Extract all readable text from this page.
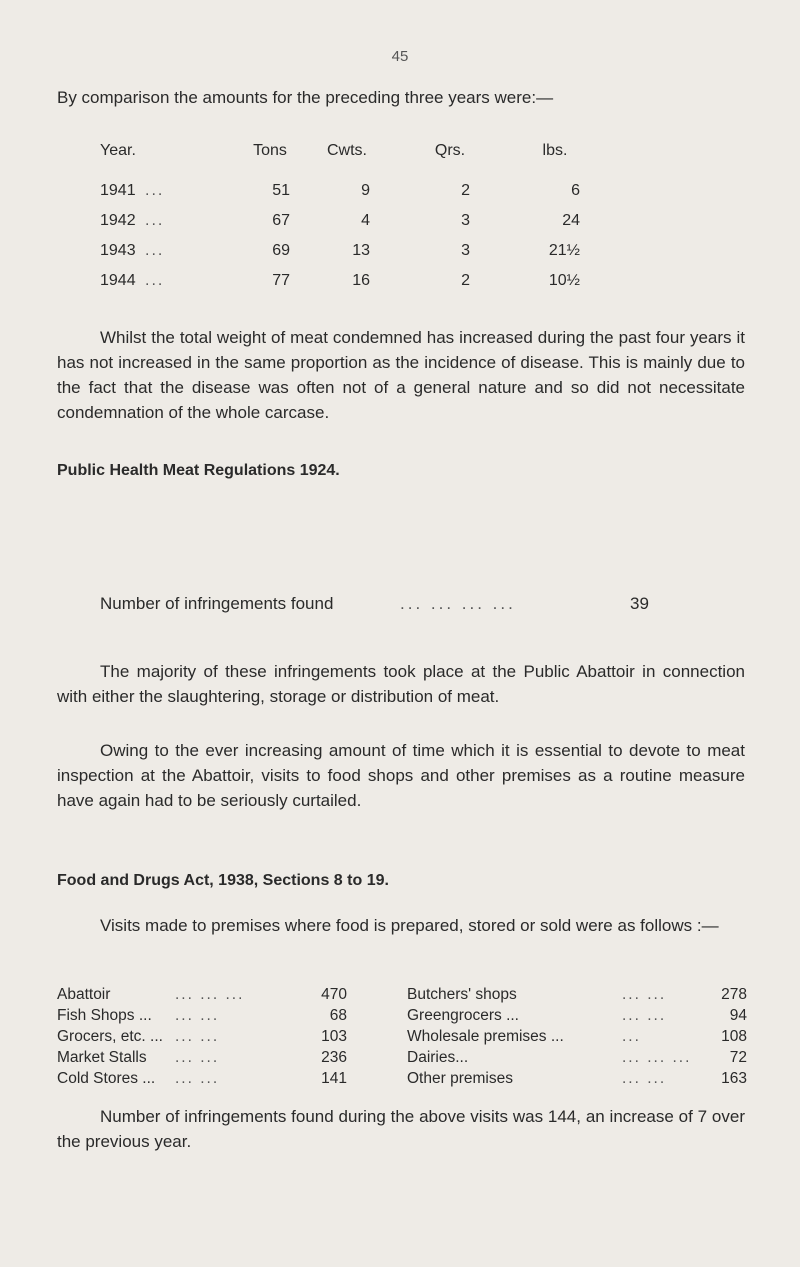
45
By comparison the amounts for the preceding three years were:—
Year.	Tons	Cwts.	Qrs.	lbs.
1941 ...	51	9	2	6
1942 ...	67	4	3	24
1943 ...	69	13	3	21½
1944 ...	77	16	2	10½

Whilst the total weight of meat condemned has increased during the past four years it has not increased in the same proportion as the incidence of disease. This is mainly due to the fact that the disease was often not of a general nature and so did not necessitate condemnation of the whole carcase.

Public Health Meat Regulations 1924.

Number of infringements found	... ... ... ...	39

The majority of these infringements took place at the Public Abattoir in connection with either the slaughtering, storage or distribution of meat.

Owing to the ever increasing amount of time which it is essential to devote to meat inspection at the Abattoir, visits to food shops and other premises as a routine measure have again had to be seriously curtailed.

Food and Drugs Act, 1938, Sections 8 to 19.

Visits made to premises where food is prepared, stored or sold were as follows :—

Abattoir	... ... ...	470	Butchers' shops	... ...	278
Fish Shops ... ... ...	68	Greengrocers ...	... ...	94
Grocers, etc. ... ... ...	103	Wholesale premises ...	...	108
Market Stalls ... ...	236	Dairies...	... ... ...	72
Cold Stores ... ... ...	141	Other premises	... ...	163

Number of infringements found during the above visits was 144, an increase of 7 over the previous year.
